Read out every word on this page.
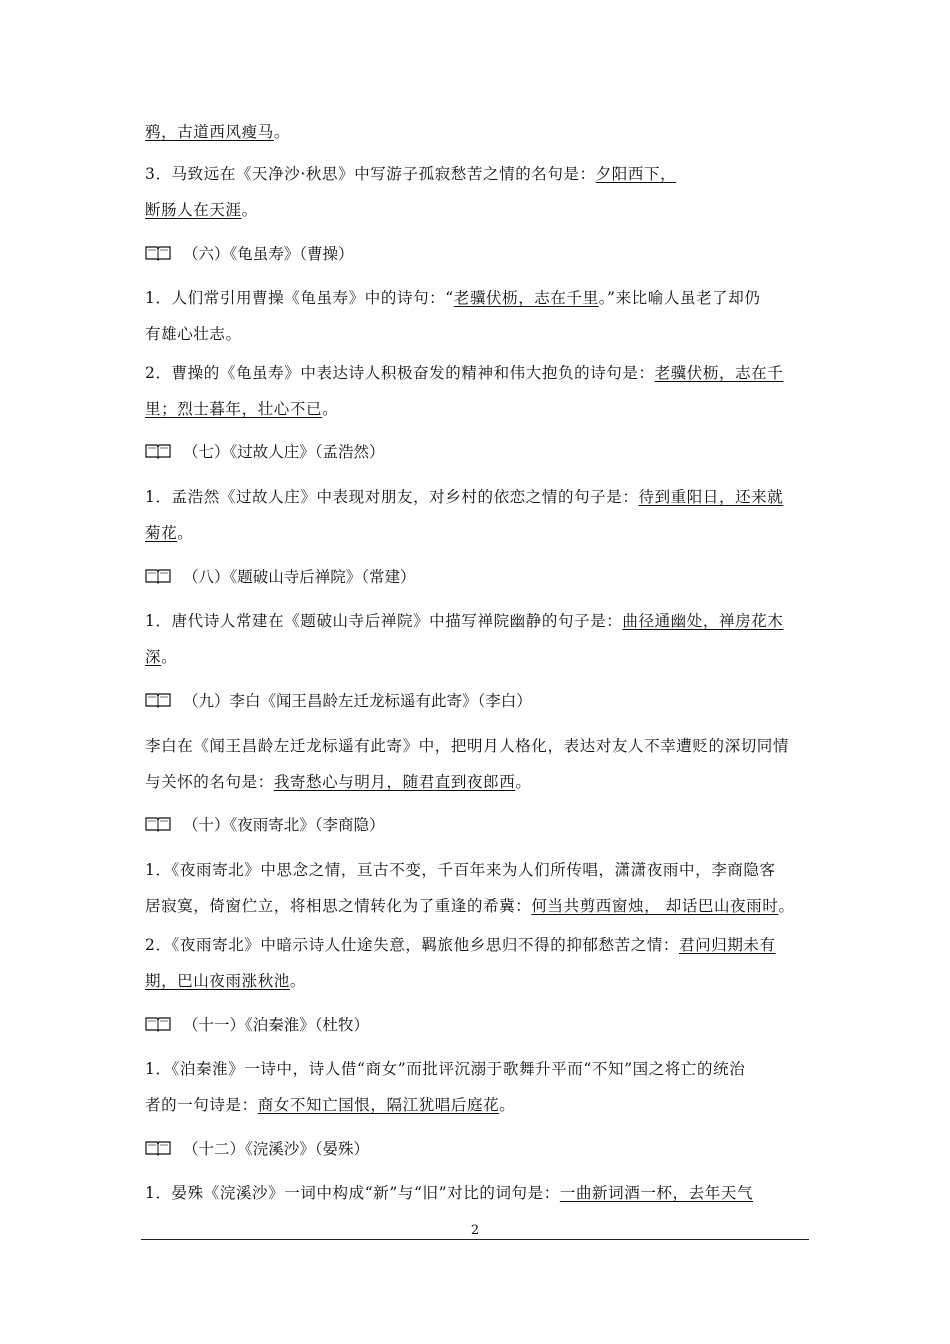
鸦，古道西风瘦马。
3．马致远在《天净沙·秋思》中写游子孤寂愁苦之情的名句是：夕阳西下，
断肠人在天涯。
（六）《龟虽寿》（曹操）
1．人们常引用曹操《龟虽寿》中的诗句：“老骥伏枥，志在千里。”来比喻人虽老了却仍
有雄心壮志。
2．曹操的《龟虽寿》中表达诗人积极奋发的精神和伟大抱负的诗句是：老骥伏枥，志在千
里；烈士暮年，壮心不已。
（七）《过故人庄》（孟浩然）
1．孟浩然《过故人庄》中表现对朋友，对乡村的依恋之情的句子是：待到重阳日，还来就
菊花。
（八）《题破山寺后禅院》（常建）
1．唐代诗人常建在《题破山寺后禅院》中描写禅院幽静的句子是：曲径通幽处，禅房花木
深。
（九）李白《闻王昌龄左迁龙标遥有此寄》（李白）
李白在《闻王昌龄左迁龙标遥有此寄》中，把明月人格化，表达对友人不幸遭贬的深切同情
与关怀的名句是：我寄愁心与明月，随君直到夜郎西。
（十）《夜雨寄北》（李商隐）
1．《夜雨寄北》中思念之情，亘古不变，千百年来为人们所传唱，潇潇夜雨中，李商隐客
居寂寞，倚窗伫立，将相思之情转化为了重逢的希冀：何当共剪西窗烛， 却话巴山夜雨时。
2．《夜雨寄北》中暗示诗人仕途失意，羁旅他乡思归不得的抑郁愁苦之情：君问归期未有
期，巴山夜雨涨秋池。
（十一）《泊秦淮》（杜牧）
1．《泊秦淮》一诗中，诗人借“商女”而批评沉溺于歌舞升平而“不知”国之将亡的统治
者的一句诗是：商女不知亡国恨，隔江犹唱后庭花。
（十二）《浣溪沙》（晏殊）
1．晏殊《浣溪沙》一词中构成“新”与“旧”对比的词句是：一曲新词酒一杯，去年天气
2
